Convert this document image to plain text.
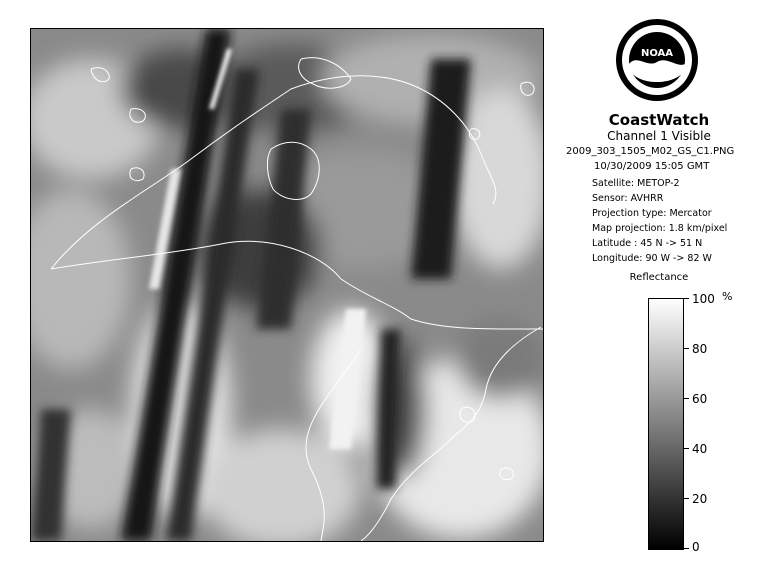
NOAA
CoastWatch
Channel 1 Visible
2009_303_1505_M02_GS_C1.PNG
10/30/2009 15:05 GMT
Satellite: METOP-2
Sensor: AVHRR
Projection type: Mercator
Map projection: 1.8 km/pixel
Latitude : 45 N -> 51 N
Longitude: 90 W -> 82 W
Reflectance
%
100
80
60
40
20
0
